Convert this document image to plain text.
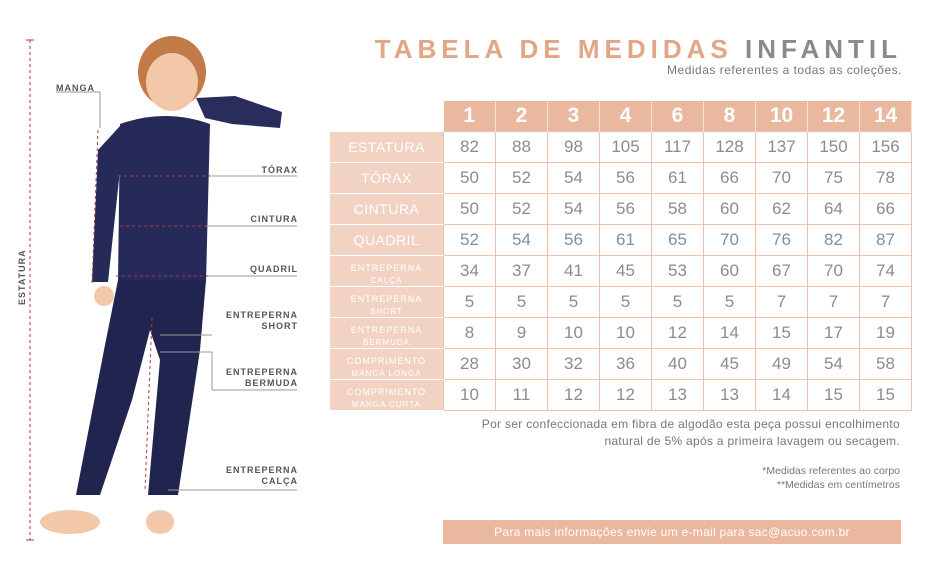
ESTATURA
MANGA
TÓRAX
CINTURA
QUADRIL
ENTREPERNA
SHORT
ENTREPERNA
BERMUDA
ENTREPERNA
CALÇA
TABELA DE MEDIDAS INFANTIL
Medidas referentes a todas as coleções.
	1	2	3	4	6	8	10	12	14

ESTATURA	82	88	98	105	117	128	137	150	156

TÓRAX	50	52	54	56	61	66	70	75	78

CINTURA	50	52	54	56	58	60	62	64	66

QUADRIL	52	54	56	61	65	70	76	82	87
ENTREPERNA
CALÇA	34	37	41	45	53	60	67	70	74
ENTREPERNA
SHORT	5	5	5	5	5	5	7	7	7
ENTREPERNA
BERMUDA	8	9	10	10	12	14	15	17	19
COMPRIMENTO
MANGA LONGA	28	30	32	36	40	45	49	54	58
COMPRIMENTO
MANGA CURTA	10	11	12	12	13	13	14	15	15
Por ser confeccionada em fibra de algodão esta peça possui encolhimento natural de 5% após a primeira lavagem ou secagem.
*Medidas referentes ao corpo
**Medidas em centímetros
Para mais informações envie um e-mail para sac@acuo.com.br
